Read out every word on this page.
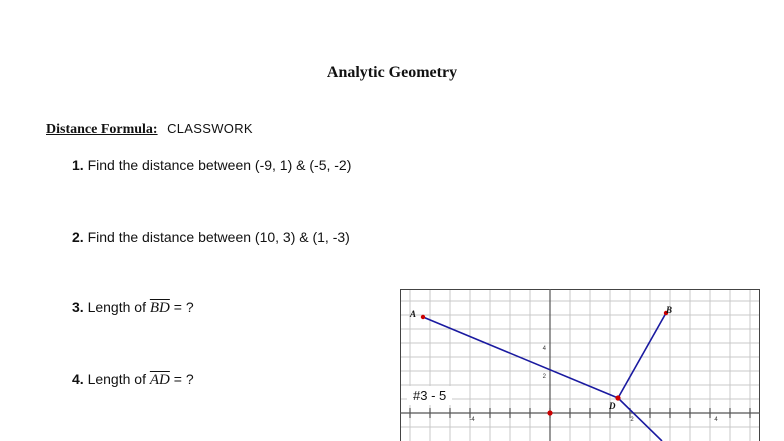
Analytic Geometry
Distance Formula: CLASSWORK
1. Find the distance between (-9, 1) & (-5, -2)
2. Find the distance between (10, 3) & (1, -3)
3. Length of $\overline{BD}$ = ?
4. Length of $\overline{AD}$ = ?
4
2
-4	2	4
A	B
D
#3 - 5
